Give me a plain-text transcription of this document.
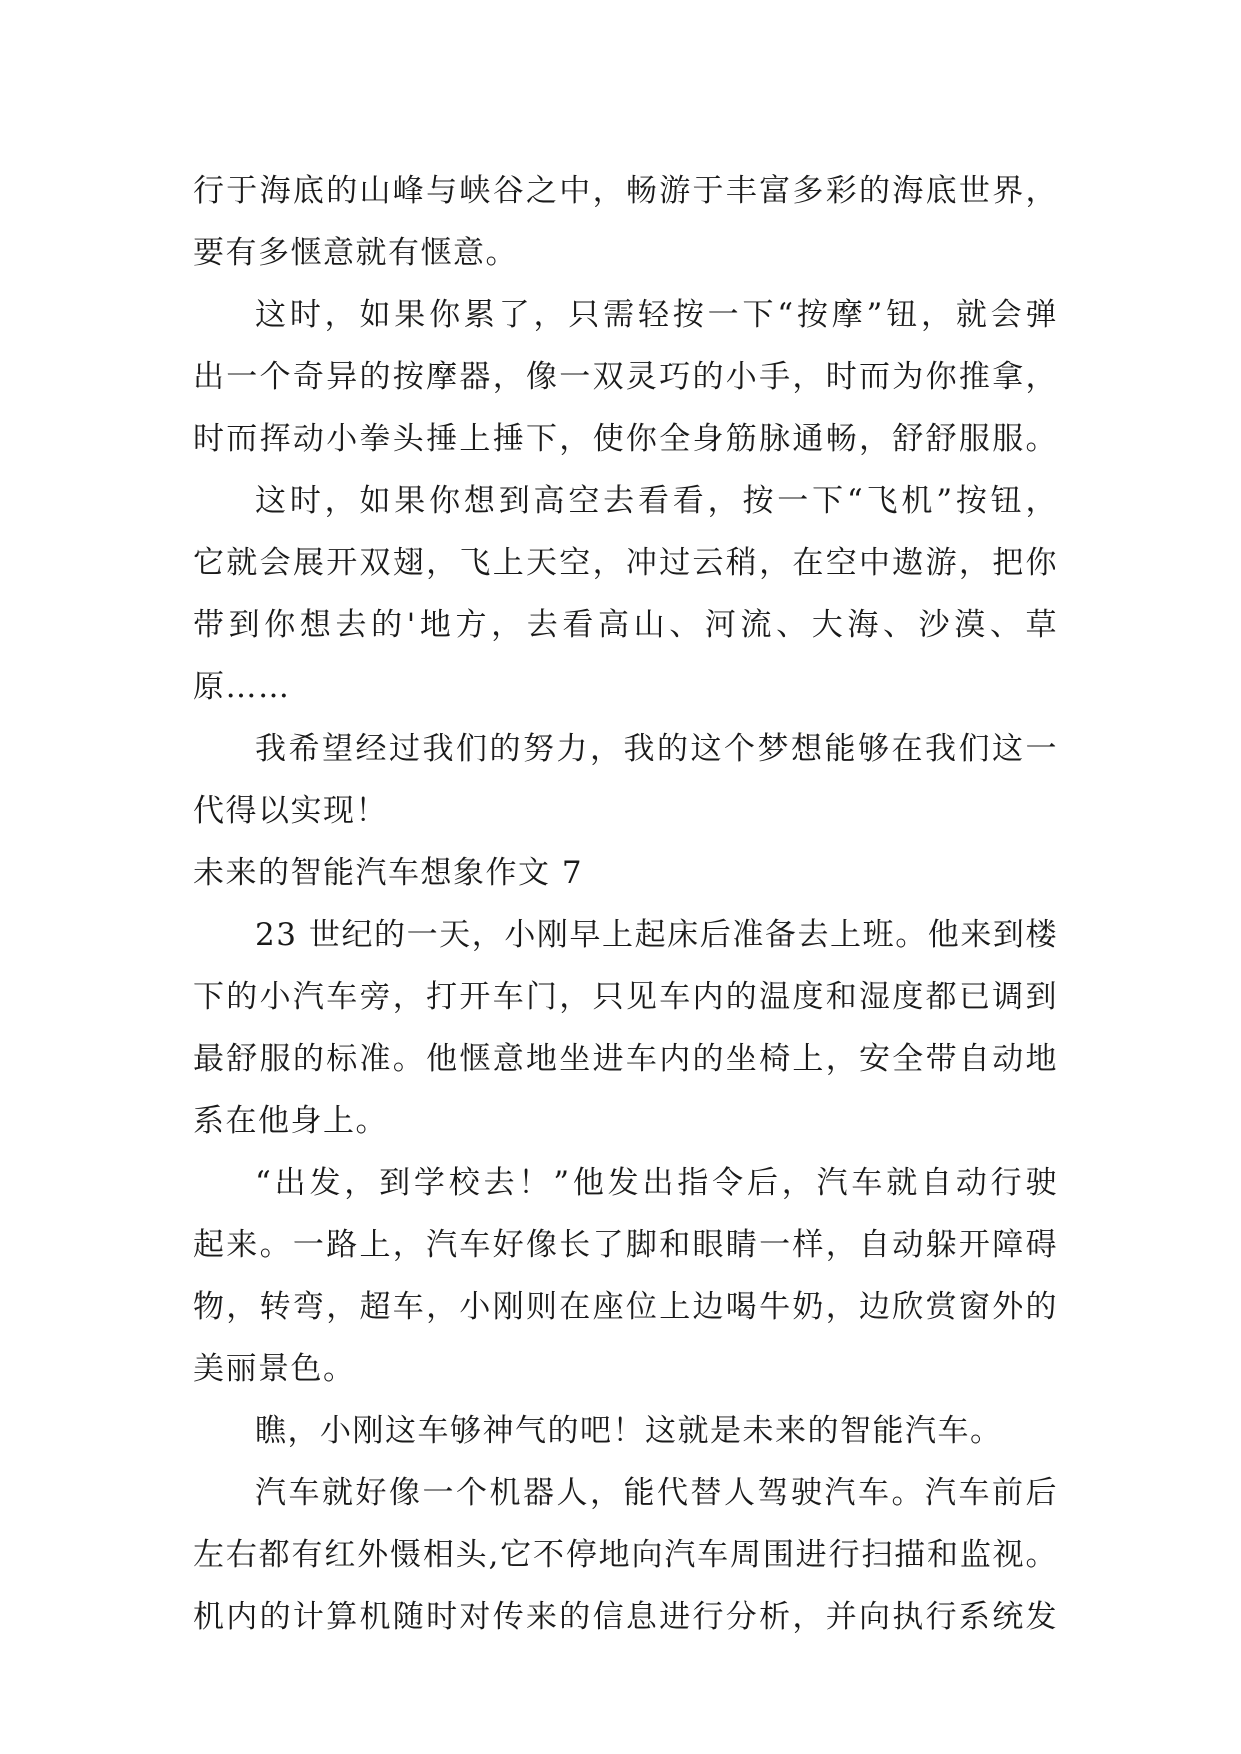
行于海底的山峰与峡谷之中，畅游于丰富多彩的海底世界，
要有多惬意就有惬意。
这时，如果你累了，只需轻按一下“按摩”钮，就会弹
出一个奇异的按摩器，像一双灵巧的小手，时而为你推拿，
时而挥动小拳头捶上捶下，使你全身筋脉通畅，舒舒服服。
这时，如果你想到高空去看看，按一下“飞机”按钮，
它就会展开双翅，飞上天空，冲过云稍，在空中遨游，把你
带到你想去的'地方，去看高山、河流、大海、沙漠、草
原……
我希望经过我们的努力，我的这个梦想能够在我们这一
代得以实现！
未来的智能汽车想象作文 7
23 世纪的一天，小刚早上起床后准备去上班。他来到楼
下的小汽车旁，打开车门，只见车内的温度和湿度都已调到
最舒服的标准。他惬意地坐进车内的坐椅上，安全带自动地
系在他身上。
“出发，到学校去！”他发出指令后，汽车就自动行驶
起来。一路上，汽车好像长了脚和眼睛一样，自动躲开障碍
物，转弯，超车，小刚则在座位上边喝牛奶，边欣赏窗外的
美丽景色。
瞧，小刚这车够神气的吧！这就是未来的智能汽车。
汽车就好像一个机器人，能代替人驾驶汽车。汽车前后
左右都有红外慑相头,它不停地向汽车周围进行扫描和监视。
机内的计算机随时对传来的信息进行分析，并向执行系统发
